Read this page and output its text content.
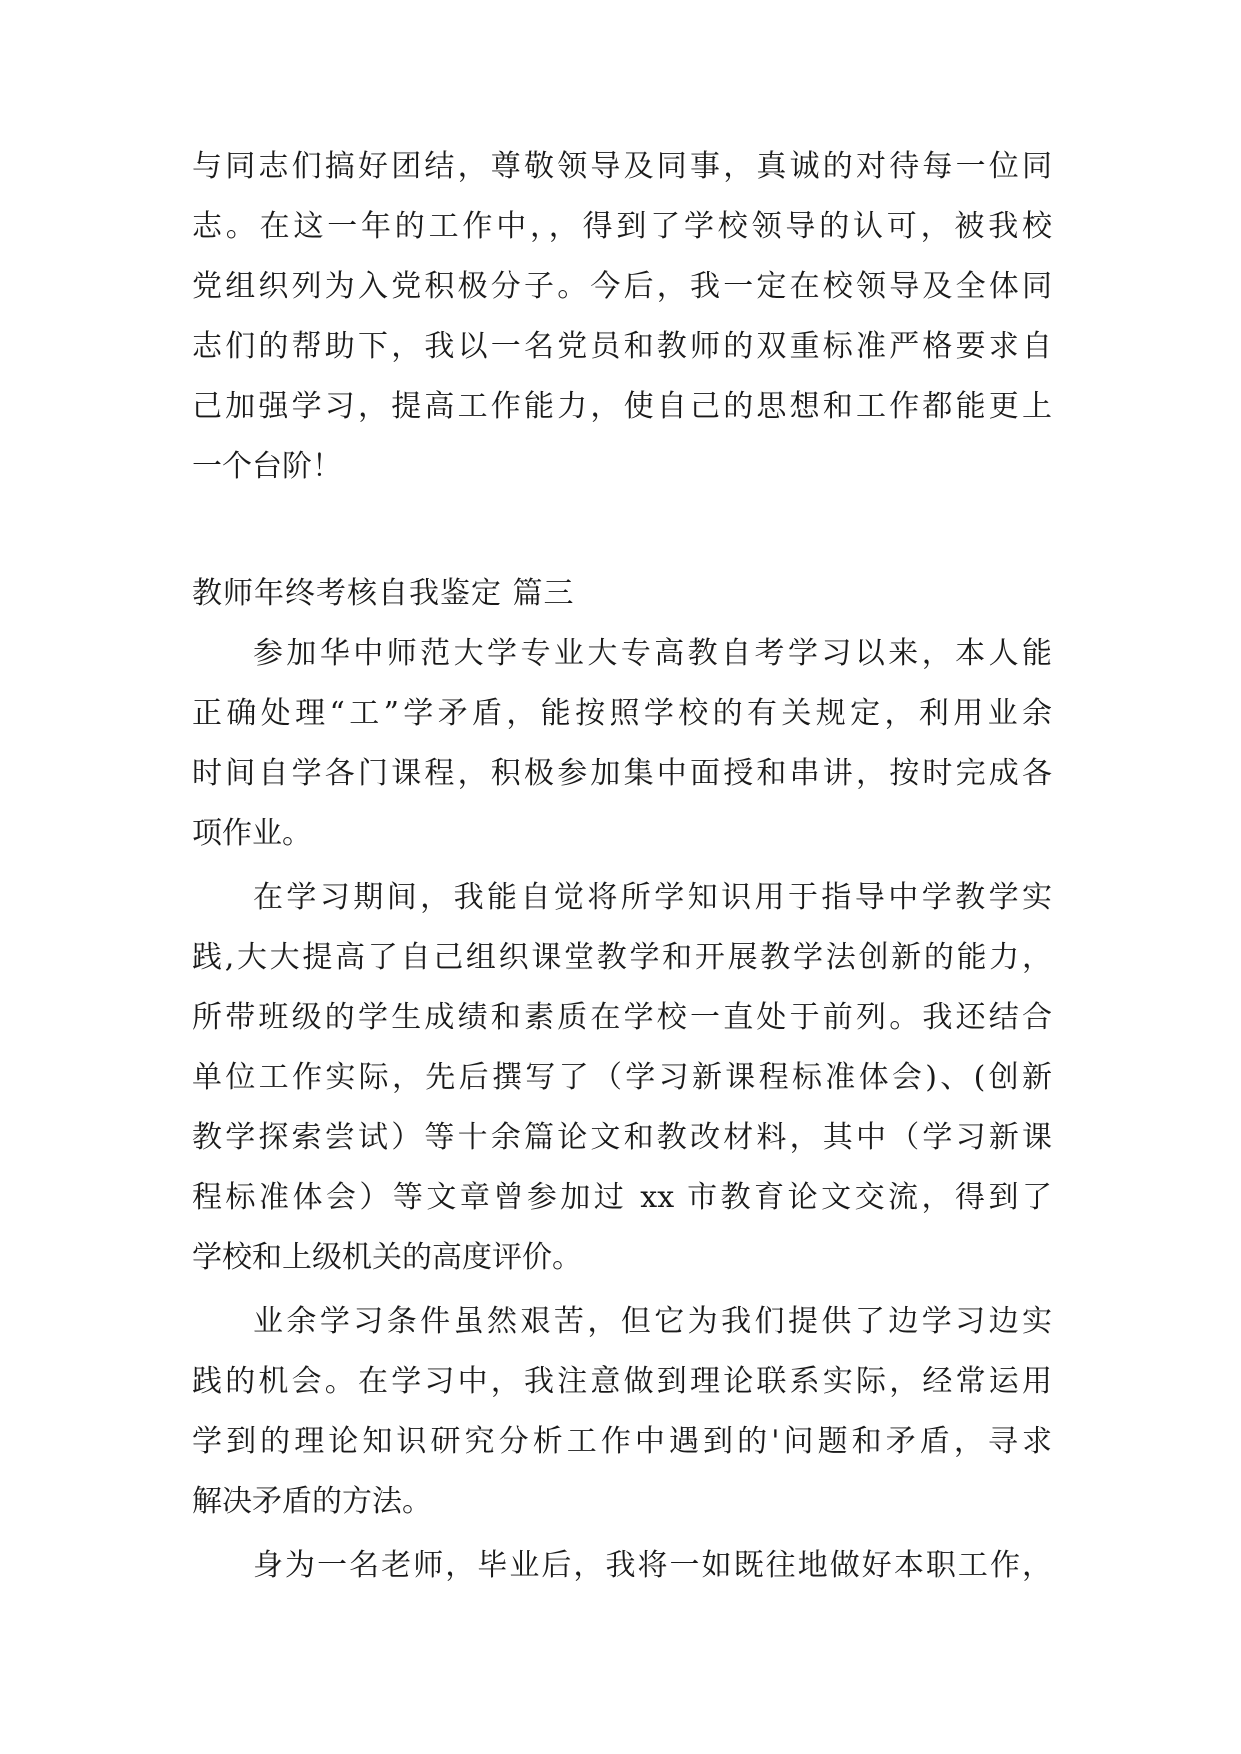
与同志们搞好团结，尊敬领导及同事，真诚的对待每一位同

志。在这一年的工作中，，得到了学校领导的认可，被我校

党组织列为入党积极分子。今后，我一定在校领导及全体同

志们的帮助下，我以一名党员和教师的双重标准严格要求自

己加强学习，提高工作能力，使自己的思想和工作都能更上

一个台阶！

教师年终考核自我鉴定 篇三

参加华中师范大学专业大专高教自考学习以来，本人能

正确处理“工”学矛盾，能按照学校的有关规定，利用业余

时间自学各门课程，积极参加集中面授和串讲，按时完成各

项作业。

在学习期间，我能自觉将所学知识用于指导中学教学实

践,大大提高了自己组织课堂教学和开展教学法创新的能力，

所带班级的学生成绩和素质在学校一直处于前列。我还结合

单位工作实际，先后撰写了（学习新课程标准体会)、(创新

教学探索尝试）等十余篇论文和教改材料，其中（学习新课

程标准体会）等文章曾参加过 xx 市教育论文交流，得到了

学校和上级机关的高度评价。

业余学习条件虽然艰苦，但它为我们提供了边学习边实

践的机会。在学习中，我注意做到理论联系实际，经常运用

学到的理论知识研究分析工作中遇到的'问题和矛盾，寻求

解决矛盾的方法。

身为一名老师，毕业后，我将一如既往地做好本职工作，
